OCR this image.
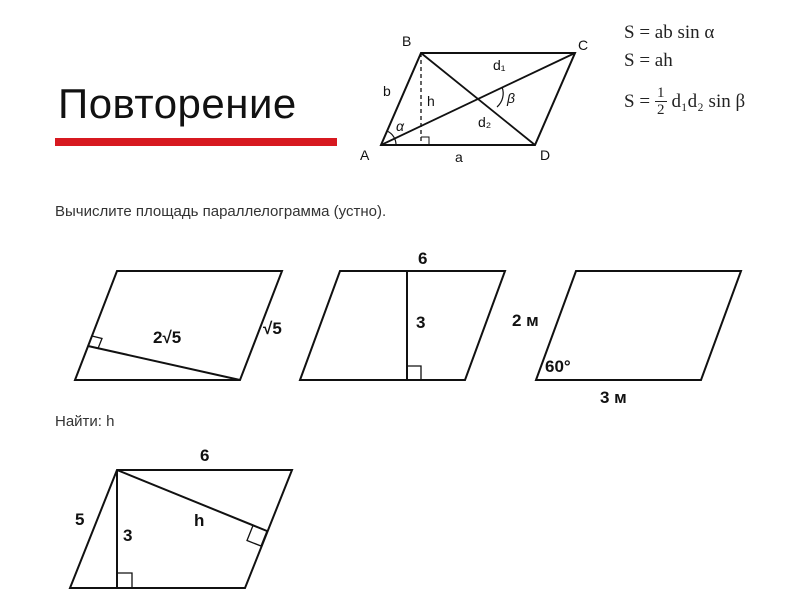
Повторение
A
B	C
D
b
h
a
d₁
d₂
α
β
S = ab sin α
S = ah
$S = \frac{1}{2} d_1d_2$ sin β
Вычислите площадь параллелограмма (устно).
2√5	√5
6
3	2 м
60°
3 м
Найти: h
6
5
3
h
